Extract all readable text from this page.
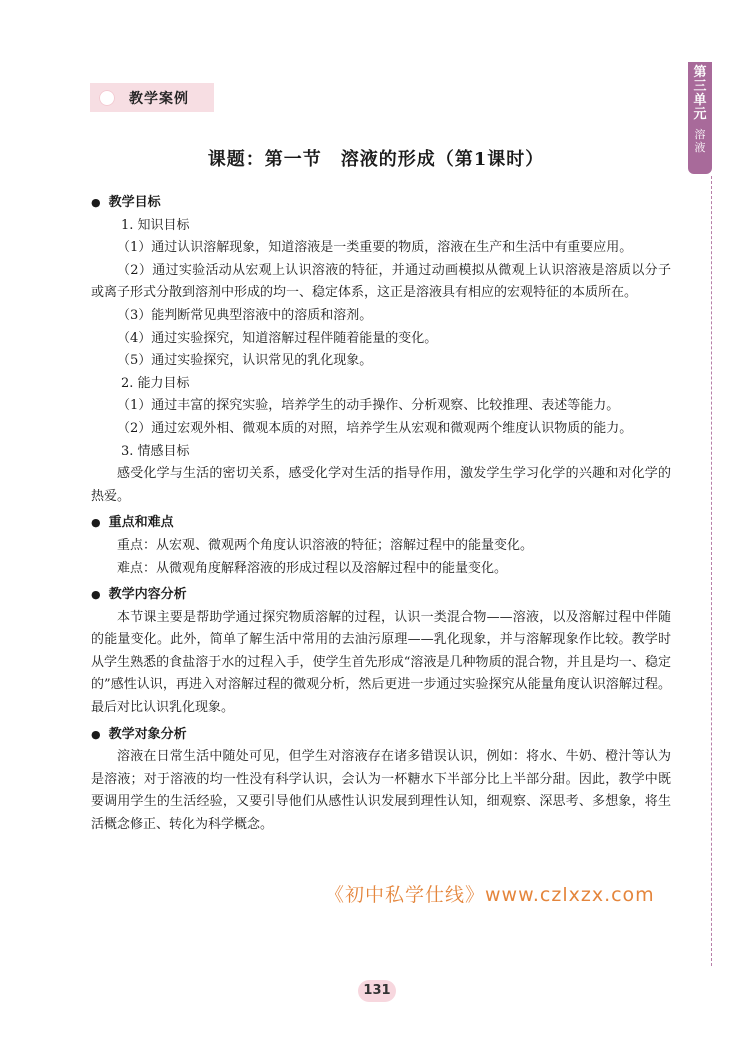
教学案例
第三单元
溶液
课题：第一节　溶液的形成（第1课时）
● 教学目标
1. 知识目标
（1）通过认识溶解现象，知道溶液是一类重要的物质，溶液在生产和生活中有重要应用。
（2）通过实验活动从宏观上认识溶液的特征，并通过动画模拟从微观上认识溶液是溶质以分子或离子形式分散到溶剂中形成的均一、稳定体系，这正是溶液具有相应的宏观特征的本质所在。
（3）能判断常见典型溶液中的溶质和溶剂。
（4）通过实验探究，知道溶解过程伴随着能量的变化。
（5）通过实验探究，认识常见的乳化现象。
2. 能力目标
（1）通过丰富的探究实验，培养学生的动手操作、分析观察、比较推理、表述等能力。
（2）通过宏观外相、微观本质的对照，培养学生从宏观和微观两个维度认识物质的能力。
3. 情感目标
感受化学与生活的密切关系，感受化学对生活的指导作用，激发学生学习化学的兴趣和对化学的热爱。
● 重点和难点
重点：从宏观、微观两个角度认识溶液的特征；溶解过程中的能量变化。
难点：从微观角度解释溶液的形成过程以及溶解过程中的能量变化。
● 教学内容分析
本节课主要是帮助学通过探究物质溶解的过程，认识一类混合物——溶液，以及溶解过程中伴随的能量变化。此外，简单了解生活中常用的去油污原理——乳化现象，并与溶解现象作比较。教学时从学生熟悉的食盐溶于水的过程入手，使学生首先形成“溶液是几种物质的混合物，并且是均一、稳定的”感性认识，再进入对溶解过程的微观分析，然后更进一步通过实验探究从能量角度认识溶解过程。最后对比认识乳化现象。
● 教学对象分析
溶液在日常生活中随处可见，但学生对溶液存在诸多错误认识，例如：将水、牛奶、橙汁等认为是溶液；对于溶液的均一性没有科学认识，会认为一杯糖水下半部分比上半部分甜。因此，教学中既要调用学生的生活经验，又要引导他们从感性认识发展到理性认知，细观察、深思考、多想象，将生活概念修正、转化为科学概念。
《初中私学仕线》www.czlxzx.com
131
